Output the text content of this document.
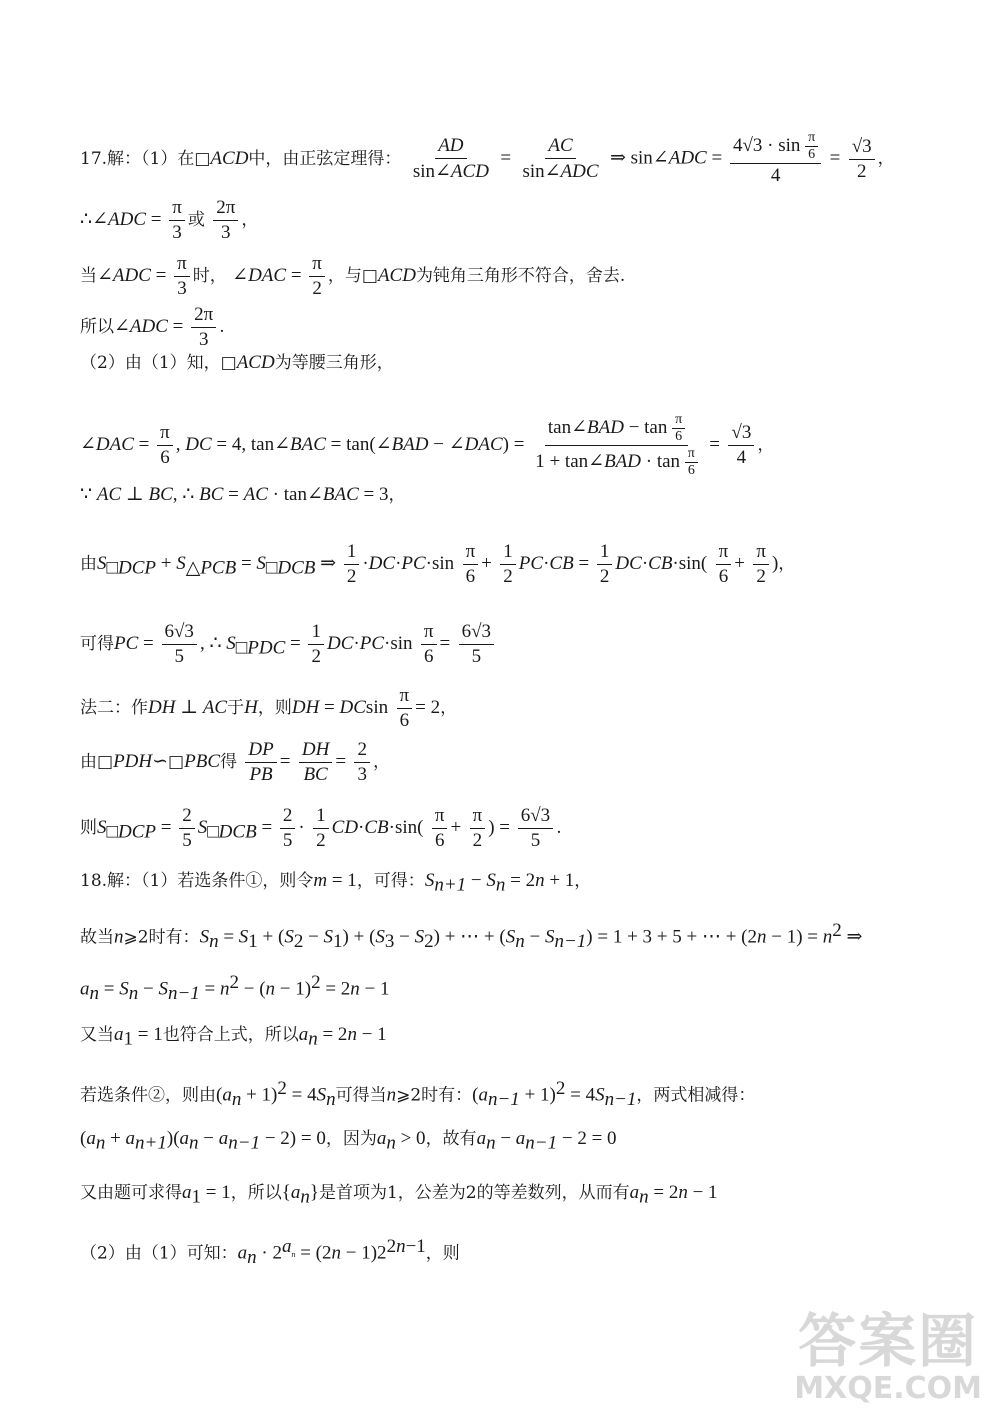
17.解：（1）在□ACD中，由正弦定理得： $\frac{AD}{\text{sin∠ACD}} = \frac{AC}{\text{sin∠ADC}}$ ⇒ sin∠ADC = $\frac{4√3 \cdot \sin \frac{\pi}{6}}{4} = \frac{√3}{2}$ ，
∴∠ADC = $\frac{\pi}{3}$ 或 $\frac{2\pi}{3}$ ，
当∠ADC = $\frac{\pi}{3}$ 时， ∠DAC = $\frac{\pi}{2}$ ，与□ACD为钝角三角形不符合，舍去.
所以∠ADC = $\frac{2\pi}{3}$ .
（2）由（1）知，□ACD为等腰三角形，
∠DAC = $\frac{\pi}{6}$ , DC = 4, tan∠BAC = tan(∠BAD − ∠DAC) = $\frac{\tan\angle BAD - \tan \frac{\pi}{6}}{1 + \tan\angle BAD \cdot \tan \frac{\pi}{6}} = \frac{√3}{4}$ ，
∵ AC ⊥ BC, ∴ BC = AC · tan∠BAC = 3，
由$S_{□DCP} + S_{\triangle PCB} = S_{□DCB}$ ⇒ $\frac{1}{2} \cdot DC\cdot PC\cdot\sin \frac{\pi}{6} + \frac{1}{2} PC\cdot CB = \frac{1}{2} DC\cdot CB\cdot\sin( \frac{\pi}{6} + \frac{\pi}{2}$ )，
可得PC = $\frac{6√3}{5}$ , ∴ $S_{□PDC} = \frac{1}{2} DC\cdot PC\cdot\sin \frac{\pi}{6} = \frac{6√3}{5}$
法二：作DH ⊥ AC于H，则DH = DCsin $\frac{\pi}{6} = 2$，
由□PDH∽□PBC得 $\frac{DP}{PB} = \frac{DH}{BC} = \frac{2}{3}$ ，
则$S_{□DCP} = \frac{2}{5} S_{□DCB} = \frac{2}{5} \cdot \frac{1}{2} CD\cdot CB\cdot\sin( \frac{\pi}{6} + \frac{\pi}{2}$ ) = $\frac{6√3}{5}$ .
18.解：（1）若选条件①，则令m = 1，可得：$S_{n+1} - S_n = 2n + 1$，
故当n⩾2时有：$S_n = S_1 + (S_2 - S_1) + (S_3 - S_2)$ + ⋯ + $(S_n - S_{n-1}) = 1 + 3 + 5$ + ⋯ + $(2n - 1) = n^2$ ⇒
$a_n = S_n - S_{n-1} = n^2 - (n - 1)^2 = 2n - 1$
又当$a_1 = 1$也符合上式，所以$a_n = 2n - 1$
若选条件②，则由$(a_n + 1)^2 = 4S_n$可得当n⩾2时有：$(a_{n-1} + 1)^2 = 4S_{n-1}$，两式相减得：
$(a_n + a_{n+1})(a_n - a_{n-1} - 2) = 0$，因为$a_n > 0$，故有$a_n - a_{n-1} - 2 = 0$
又由题可求得$a_1 = 1$，所以$\{a_n\}$是首项为1，公差为2的等差数列，从而有$a_n = 2n - 1$
（2）由（1）可知：$a_n \cdot 2^{a_n} = (2n - 1)2^{2n-1}$，则
答案圈
MXQE.COM
